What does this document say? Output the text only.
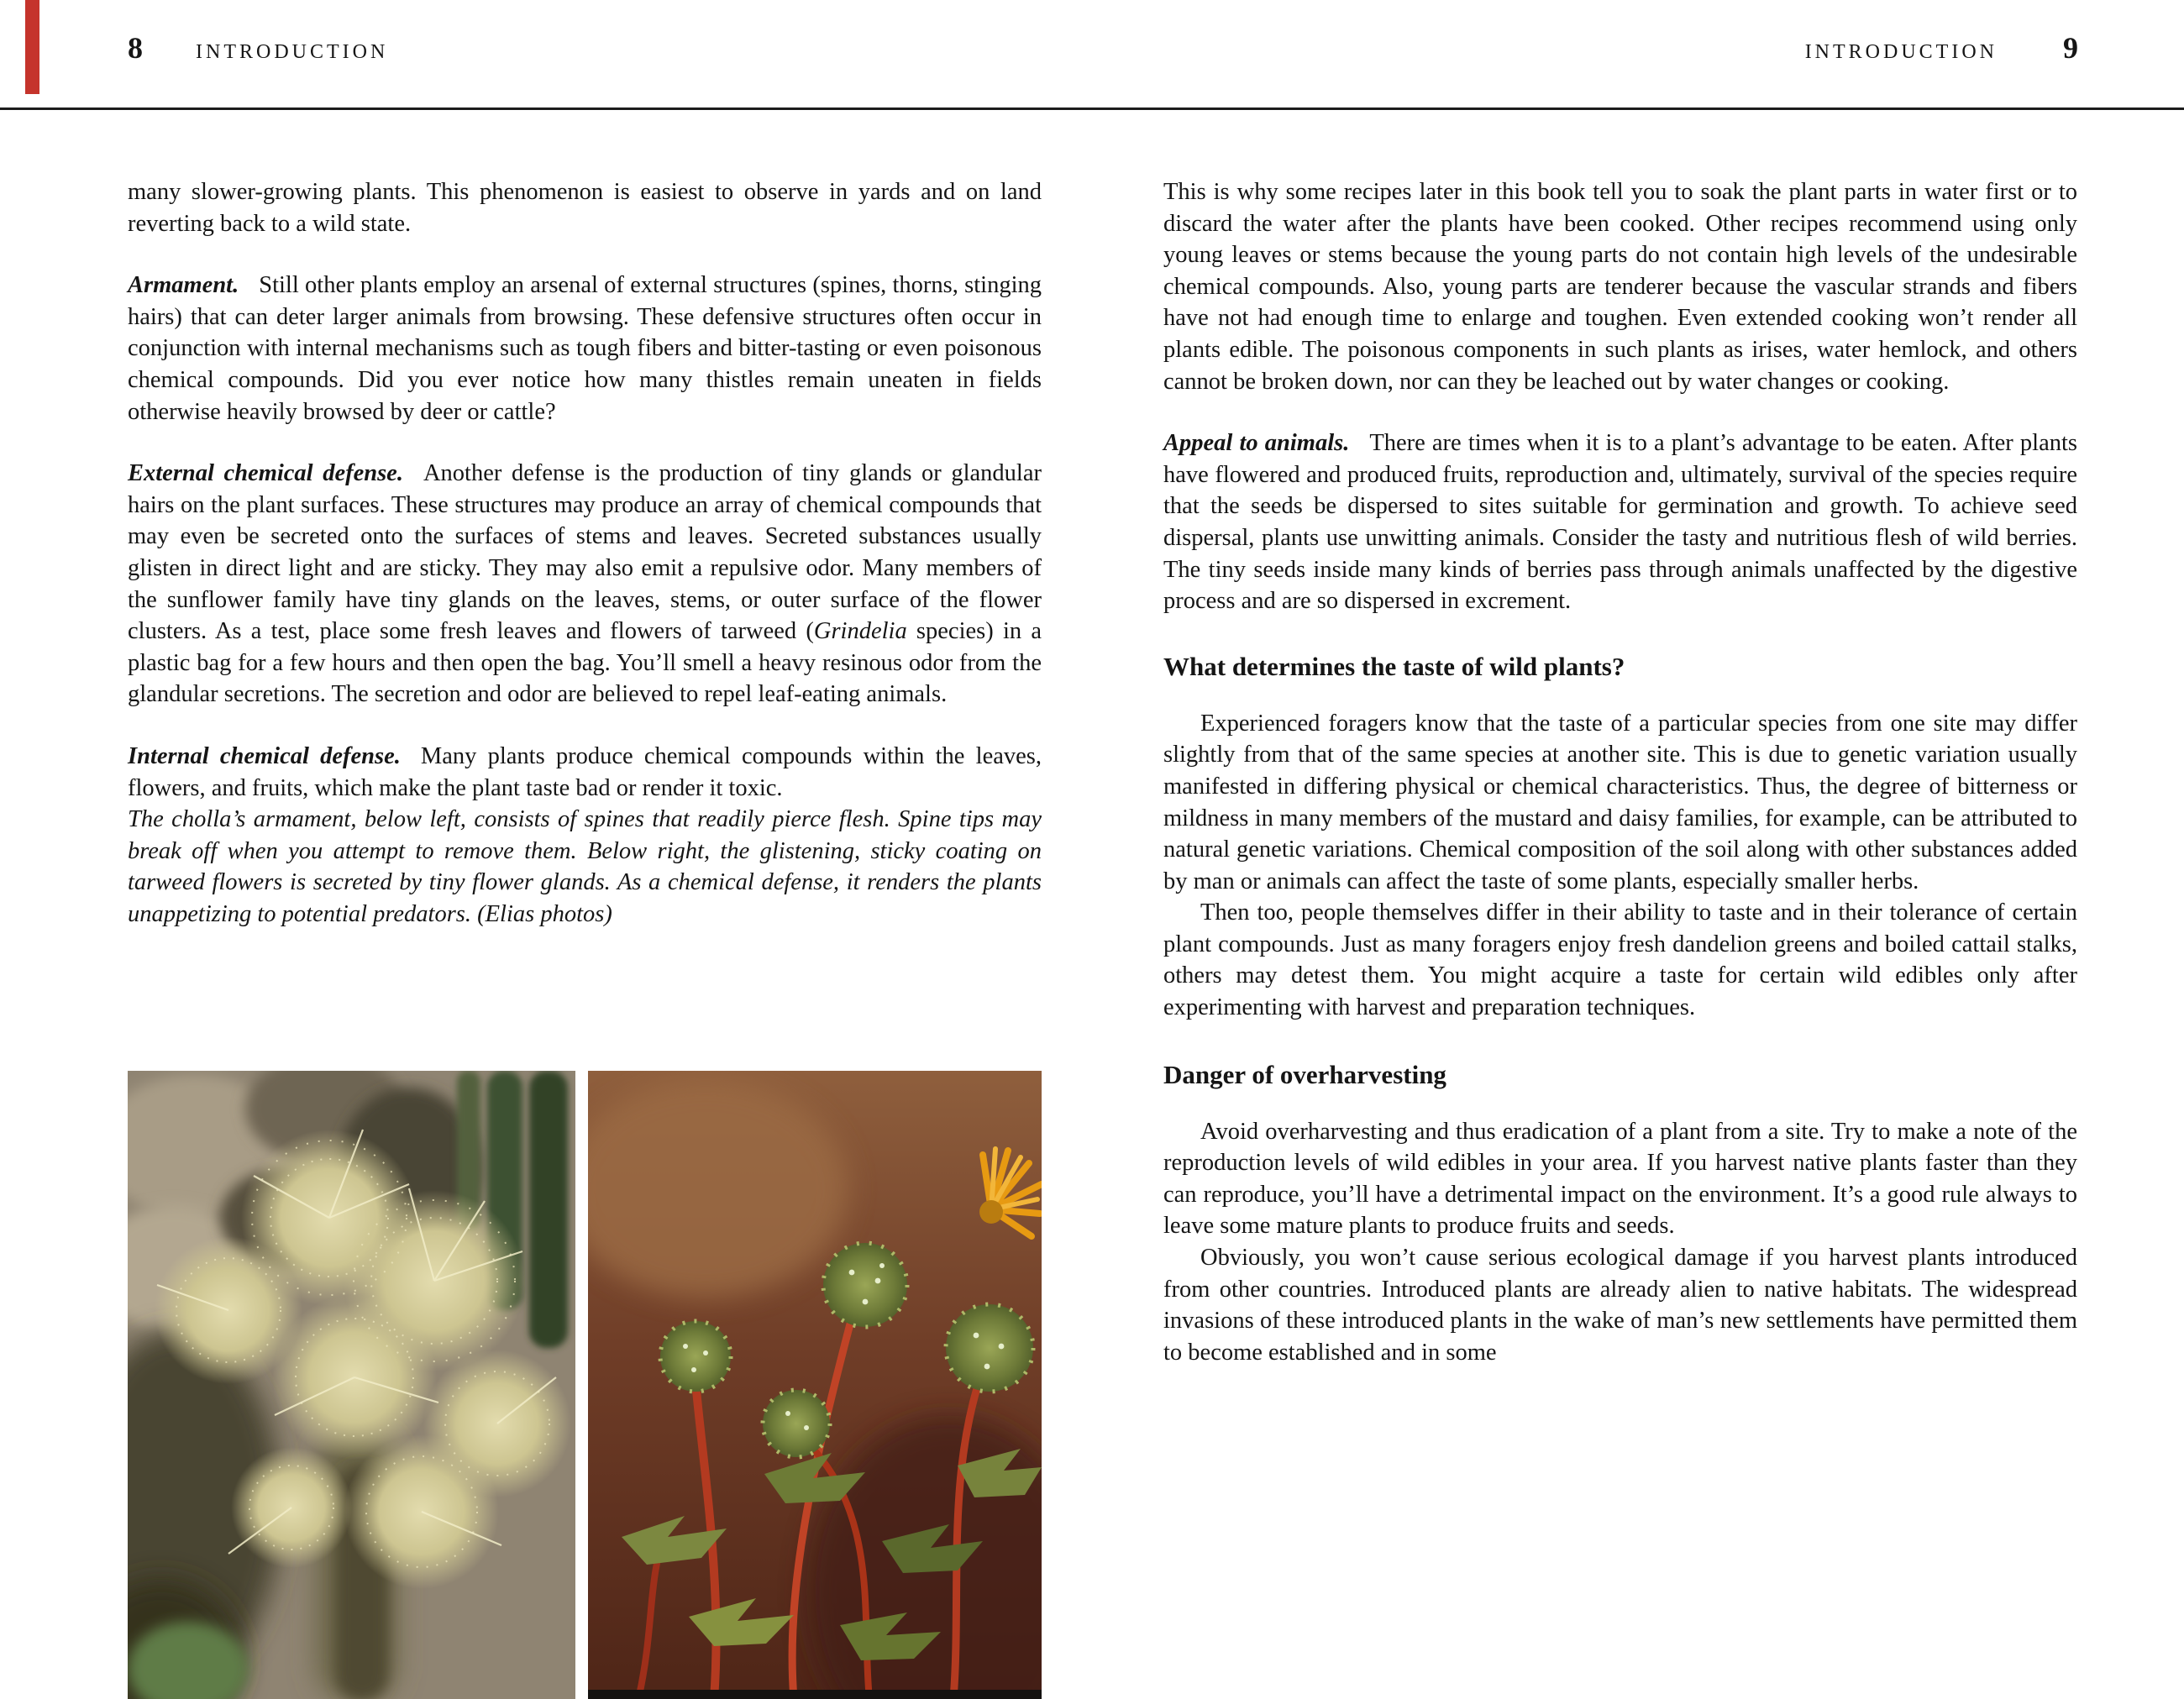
8	INTRODUCTION	INTRODUCTION 9

many slower-growing plants. This phenomenon is easiest to observe in yards and on land reverting back to a wild state.

Armament. Still other plants employ an arsenal of external structures (spines, thorns, stinging hairs) that can deter larger animals from browsing. These defensive structures often occur in conjunction with internal mechanisms such as tough fibers and bitter-tasting or even poisonous chemical compounds. Did you ever notice how many thistles remain uneaten in fields otherwise heavily browsed by deer or cattle?

External chemical defense. Another defense is the production of tiny glands or glandular hairs on the plant surfaces. These structures may produce an array of chemical compounds that may even be secreted onto the surfaces of stems and leaves. Secreted substances usually glisten in direct light and are sticky. They may also emit a repulsive odor. Many members of the sunflower family have tiny glands on the leaves, stems, or outer surface of the flower clusters. As a test, place some fresh leaves and flowers of tarweed (Grindelia species) in a plastic bag for a few hours and then open the bag. You’ll smell a heavy resinous odor from the glandular secretions. The secretion and odor are believed to repel leaf-eating animals.

Internal chemical defense. Many plants produce chemical compounds within the leaves, flowers, and fruits, which make the plant taste bad or render it toxic.

The cholla’s armament, below left, consists of spines that readily pierce flesh. Spine tips may break off when you attempt to remove them. Below right, the glistening, sticky coating on tarweed flowers is secreted by tiny flower glands. As a chemical defense, it renders the plants unappetizing to potential predators. (Elias photos)

This is why some recipes later in this book tell you to soak the plant parts in water first or to discard the water after the plants have been cooked. Other recipes recommend using only young leaves or stems because the young parts do not contain high levels of the undesirable chemical compounds. Also, young parts are tenderer because the vascular strands and fibers have not had enough time to enlarge and toughen. Even extended cooking won’t render all plants edible. The poisonous components in such plants as irises, water hemlock, and others cannot be broken down, nor can they be leached out by water changes or cooking.

Appeal to animals. There are times when it is to a plant’s advantage to be eaten. After plants have flowered and produced fruits, reproduction and, ultimately, survival of the species require that the seeds be dispersed to sites suitable for germination and growth. To achieve seed dispersal, plants use unwitting animals. Consider the tasty and nutritious flesh of wild berries. The tiny seeds inside many kinds of berries pass through animals unaffected by the digestive process and are so dispersed in excrement.

What determines the taste of wild plants?

Experienced foragers know that the taste of a particular species from one site may differ slightly from that of the same species at another site. This is due to genetic variation usually manifested in differing physical or chemical characteristics. Thus, the degree of bitterness or mildness in many members of the mustard and daisy families, for example, can be attributed to natural genetic variations. Chemical composition of the soil along with other substances added by man or animals can affect the taste of some plants, especially smaller herbs.

Then too, people themselves differ in their ability to taste and in their tolerance of certain plant compounds. Just as many foragers enjoy fresh dandelion greens and boiled cattail stalks, others may detest them. You might acquire a taste for certain wild edibles only after experimenting with harvest and preparation techniques.

Danger of overharvesting

Avoid overharvesting and thus eradication of a plant from a site. Try to make a note of the reproduction levels of wild edibles in your area. If you harvest native plants faster than they can reproduce, you’ll have a detrimental impact on the environment. It’s a good rule always to leave some mature plants to produce fruits and seeds.

Obviously, you won’t cause serious ecological damage if you harvest plants introduced from other countries. Introduced plants are already alien to native habitats. The widespread invasions of these introduced plants in the wake of man’s new settlements have permitted them to become established and in some
